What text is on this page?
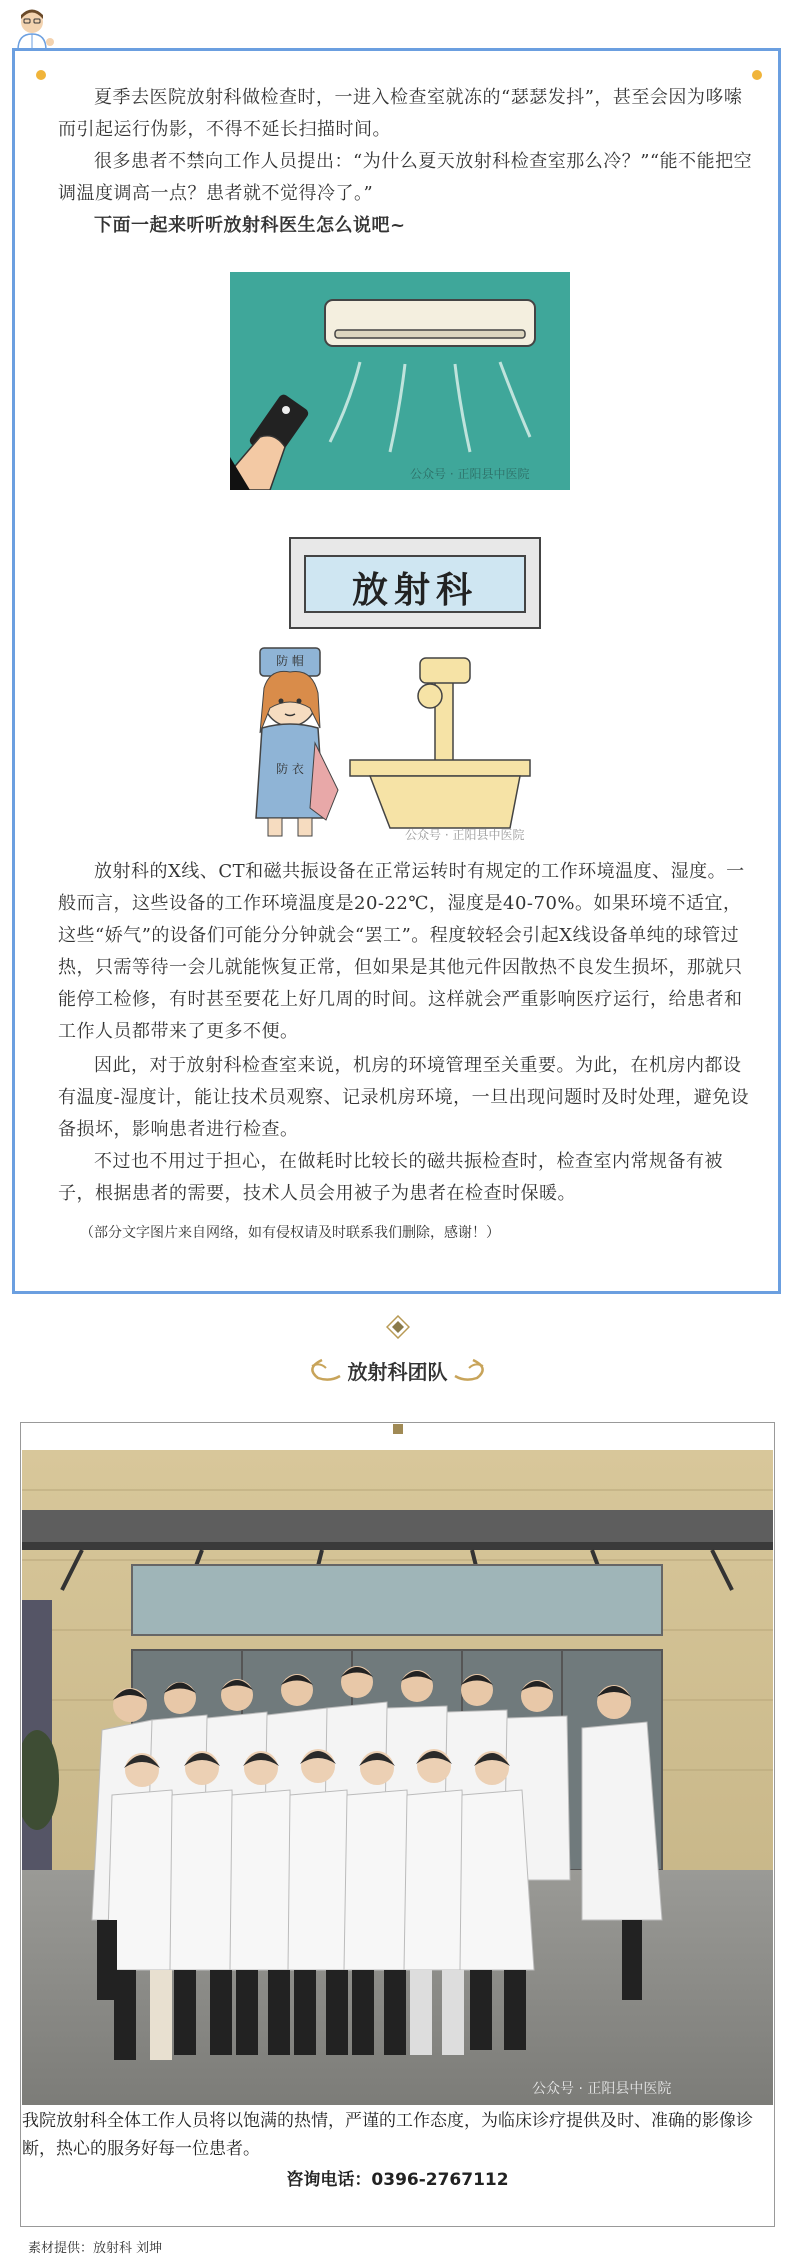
夏季去医院放射科做检查时，一进入检查室就冻的“瑟瑟发抖”，甚至会因为哆嗦而引起运行伪影，不得不延长扫描时间。

很多患者不禁向工作人员提出：“为什么夏天放射科检查室那么冷？”“能不能把空调温度调高一点？患者就不觉得冷了。”

下面一起来听听放射科医生怎么说吧~

公众号 · 正阳县中医院
放射科
防 帽
防 衣
公众号 · 正阳县中医院

放射科的X线、CT和磁共振设备在正常运转时有规定的工作环境温度、湿度。一般而言，这些设备的工作环境温度是20-22℃，湿度是40-70%。如果环境不适宜，这些“娇气”的设备们可能分分钟就会“罢工”。程度较轻会引起X线设备单纯的球管过热，只需等待一会儿就能恢复正常，但如果是其他元件因散热不良发生损坏，那就只能停工检修，有时甚至要花上好几周的时间。这样就会严重影响医疗运行，给患者和工作人员都带来了更多不便。

因此，对于放射科检查室来说，机房的环境管理至关重要。为此，在机房内都设有温度-湿度计，能让技术员观察、记录机房环境，一旦出现问题时及时处理，避免设备损坏，影响患者进行检查。

不过也不用过于担心，在做耗时比较长的磁共振检查时，检查室内常规备有被子，根据患者的需要，技术人员会用被子为患者在检查时保暖。

（部分文字图片来自网络，如有侵权请及时联系我们删除，感谢！）
放射科团队
公众号 · 正阳县中医院

我院放射科全体工作人员将以饱满的热情，严谨的工作态度，为临床诊疗提供及时、准确的影像诊断，热心的服务好每一位患者。

咨询电话：0396-2767112
素材提供：放射科 刘坤
